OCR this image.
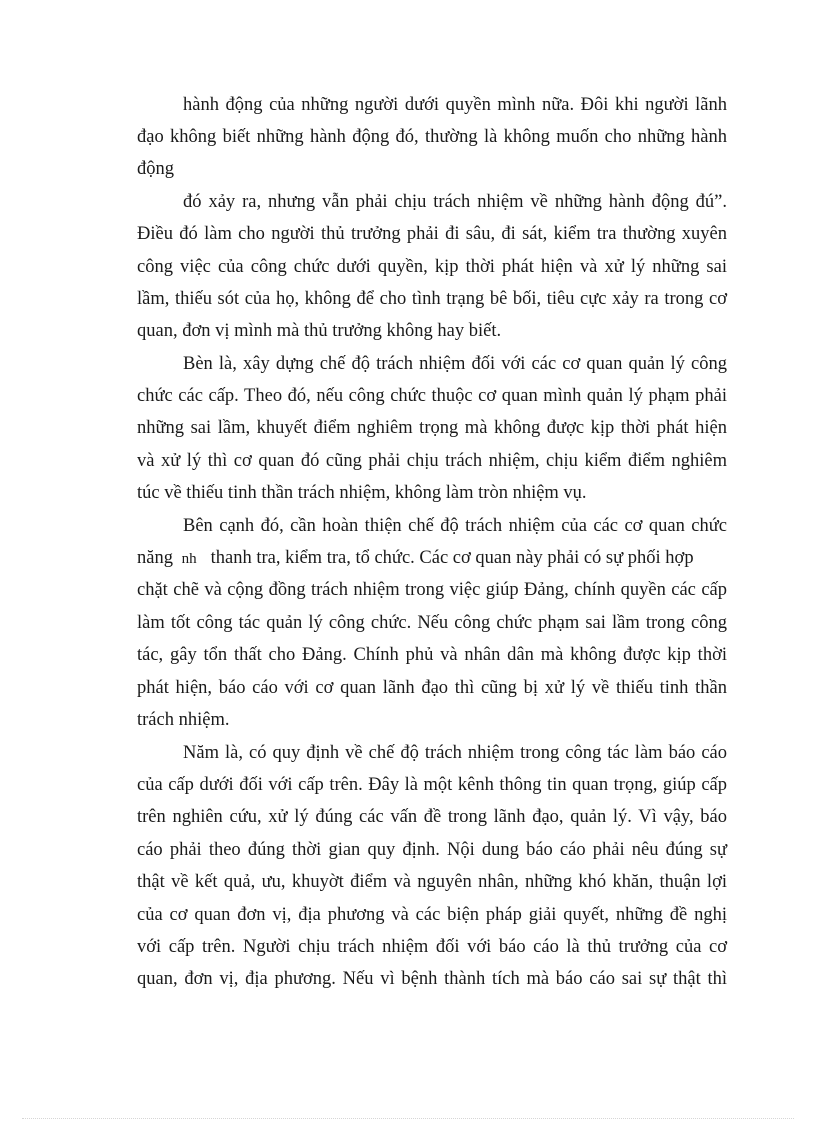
hành động của những người dưới quyền mình nữa. Đôi khi người lãnh
đạo không biết những hành động đó, thường là không muốn cho những hành
động
đó xảy ra, nhưng vẫn phải chịu trách nhiệm về những hành động đú”.
Điều đó làm cho người thủ trưởng phải đi sâu, đi sát, kiểm tra thường xuyên
công việc của công chức dưới quyền, kịp thời phát hiện và xử lý những sai
lầm, thiếu sót của họ, không để cho tình trạng bê bối, tiêu cực xảy ra trong cơ
quan, đơn vị mình mà thủ trưởng không hay biết.
Bèn là, xây dựng chế độ trách nhiệm đối với các cơ quan quản lý công
chức các cấp. Theo đó, nếu công chức thuộc cơ quan mình quản lý phạm phải
những sai lầm, khuyết điểm nghiêm trọng mà không được kịp thời phát hiện
và xử lý thì cơ quan đó cũng phải chịu trách nhiệm, chịu kiểm điểm nghiêm
túc về thiếu tinh thần trách nhiệm, không làm tròn nhiệm vụ.
Bên cạnh đó, cần hoàn thiện chế độ trách nhiệm của các cơ quan chức
năng nh thanh tra, kiểm tra, tổ chức. Các cơ quan này phải có sự phối hợp
chặt chẽ và cộng đồng trách nhiệm trong việc giúp Đảng, chính quyền các cấp
làm tốt công tác quản lý công chức. Nếu công chức phạm sai lầm trong công
tác, gây tổn thất cho Đảng. Chính phủ và nhân dân mà không được kịp thời
phát hiện, báo cáo với cơ quan lãnh đạo thì cũng bị xử lý về thiếu tinh thần
trách nhiệm.
Năm là, có quy định về chế độ trách nhiệm trong công tác làm báo cáo
của cấp dưới đối với cấp trên. Đây là một kênh thông tin quan trọng, giúp cấp
trên nghiên cứu, xử lý đúng các vấn đề trong lãnh đạo, quản lý. Vì vậy, báo
cáo phải theo đúng thời gian quy định. Nội dung báo cáo phải nêu đúng sự
thật về kết quả, ưu, khuyờt điểm và nguyên nhân, những khó khăn, thuận lợi
của cơ quan đơn vị, địa phương và các biện pháp giải quyết, những đề nghị
với cấp trên. Người chịu trách nhiệm đối với báo cáo là thủ trưởng của cơ
quan, đơn vị, địa phương. Nếu vì bệnh thành tích mà báo cáo sai sự thật thì
